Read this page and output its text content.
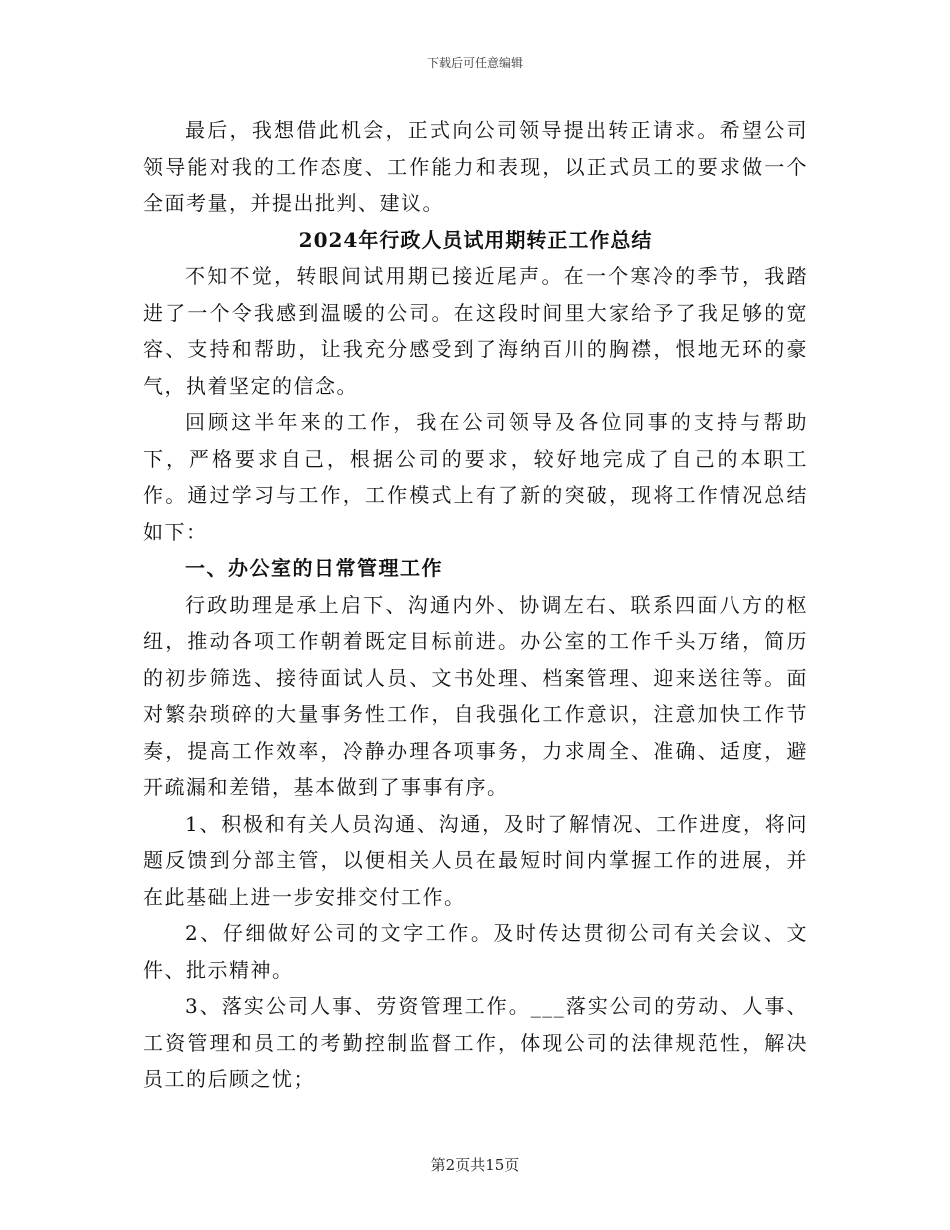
下载后可任意编辑

最后，我想借此机会，正式向公司领导提出转正请求。希望公司领导能对我的工作态度、工作能力和表现，以正式员工的要求做一个全面考量，并提出批判、建议。

2024年行政人员试用期转正工作总结

不知不觉，转眼间试用期已接近尾声。在一个寒冷的季节，我踏进了一个令我感到温暖的公司。在这段时间里大家给予了我足够的宽容、支持和帮助，让我充分感受到了海纳百川的胸襟，恨地无环的豪气，执着坚定的信念。

回顾这半年来的工作，我在公司领导及各位同事的支持与帮助下，严格要求自己，根据公司的要求，较好地完成了自己的本职工作。通过学习与工作，工作模式上有了新的突破，现将工作情况总结如下：

一、办公室的日常管理工作

行政助理是承上启下、沟通内外、协调左右、联系四面八方的枢纽，推动各项工作朝着既定目标前进。办公室的工作千头万绪，简历的初步筛选、接待面试人员、文书处理、档案管理、迎来送往等。面对繁杂琐碎的大量事务性工作，自我强化工作意识，注意加快工作节奏，提高工作效率，冷静办理各项事务，力求周全、准确、适度，避开疏漏和差错，基本做到了事事有序。

1、积极和有关人员沟通、沟通，及时了解情况、工作进度，将问题反馈到分部主管，以便相关人员在最短时间内掌握工作的进展，并在此基础上进一步安排交付工作。

2、仔细做好公司的文字工作。及时传达贯彻公司有关会议、文件、批示精神。

3、落实公司人事、劳资管理工作。___落实公司的劳动、人事、工资管理和员工的考勤控制监督工作，体现公司的法律规范性，解决员工的后顾之忧；

第2页共15页
